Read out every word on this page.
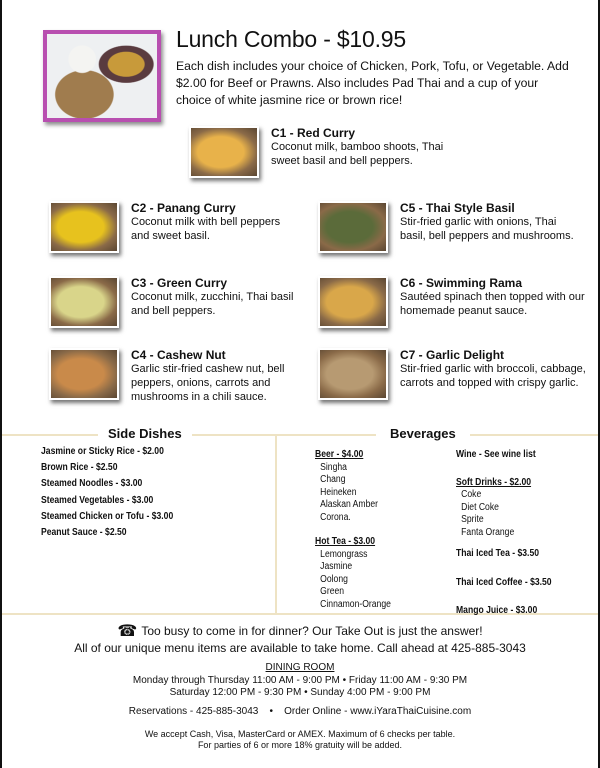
Lunch Combo - $10.95
Each dish includes your choice of Chicken, Pork, Tofu, or Vegetable. Add $2.00 for Beef or Prawns. Also includes Pad Thai and a cup of your choice of white jasmine rice or brown rice!
C1 - Red Curry
Coconut milk, bamboo shoots, Thai sweet basil and bell peppers.
C2 - Panang Curry
Coconut milk with bell peppers and sweet basil.
C3 - Green Curry
Coconut milk, zucchini, Thai basil and bell peppers.
C4 - Cashew Nut
Garlic stir-fried cashew nut, bell peppers, onions, carrots and mushrooms in a chili sauce.
C5 - Thai Style Basil
Stir-fried garlic with onions, Thai basil, bell peppers and mushrooms.
C6 - Swimming Rama
Sautéed spinach then topped with our homemade peanut sauce.
C7 - Garlic Delight
Stir-fried garlic with broccoli, cabbage, carrots and topped with crispy garlic.
Side Dishes
Jasmine or Sticky Rice - $2.00
Brown Rice - $2.50
Steamed Noodles - $3.00
Steamed Vegetables - $3.00
Steamed Chicken or Tofu - $3.00
Peanut Sauce - $2.50
Beverages
Beer - $4.00
Singha
Chang
Heineken
Alaskan Amber
Corona.
Hot Tea - $3.00
Lemongrass
Jasmine
Oolong
Green
Cinnamon-Orange
Wine - See wine list
Soft Drinks - $2.00
Coke
Diet Coke
Sprite
Fanta Orange
Thai Iced Tea - $3.50
Thai Iced Coffee - $3.50
Mango Juice - $3.00
☎ Too busy to come in for dinner? Our Take Out is just the answer!
All of our unique menu items are available to take home. Call ahead at 425-885-3043
DINING ROOM
Monday through Thursday 11:00 AM - 9:00 PM • Friday 11:00 AM - 9:30 PM
Saturday 12:00 PM - 9:30 PM • Sunday 4:00 PM - 9:00 PM
Reservations - 425-885-3043 • Order Online - www.iYaraThaiCuisine.com
We accept Cash, Visa, MasterCard or AMEX. Maximum of 6 checks per table.
For parties of 6 or more 18% gratuity will be added.
